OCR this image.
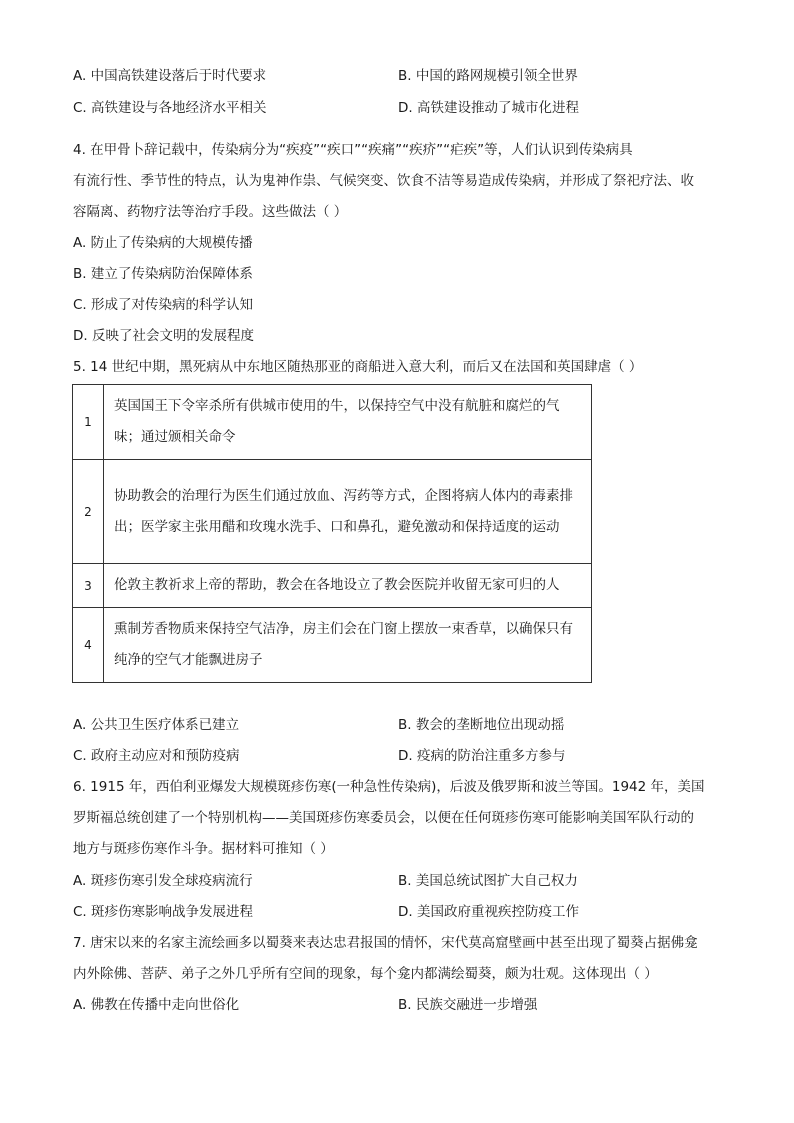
A. 中国高铁建设落后于时代要求	B. 中国的路网规模引领全世界
C. 高铁建设与各地经济水平相关	D. 高铁建设推动了城市化进程
4. 在甲骨卜辞记载中，传染病分为“疾疫”“疾口”“疾痛”“疾疥”“疟疾”等，人们认识到传染病具
有流行性、季节性的特点，认为鬼神作祟、气候突变、饮食不洁等易造成传染病，并形成了祭祀疗法、收
容隔离、药物疗法等治疗手段。这些做法（ ）
A. 防止了传染病的大规模传播
B. 建立了传染病防治保障体系
C. 形成了对传染病的科学认知
D. 反映了社会文明的发展程度
5. 14 世纪中期，黑死病从中东地区随热那亚的商船进入意大利，而后又在法国和英国肆虐（ ）
1	英国国王下令宰杀所有供城市使用的牛，以保持空气中没有航脏和腐烂的气味；通过颁相关命令
2	协助教会的治理行为医生们通过放血、泻药等方式，企图将病人体内的毒素排出；医学家主张用醋和玫瑰水洗手、口和鼻孔，避免激动和保持适度的运动
3	伦敦主教祈求上帝的帮助，教会在各地设立了教会医院并收留无家可归的人
4	熏制芳香物质来保持空气洁净，房主们会在门窗上摆放一束香草，以确保只有纯净的空气才能飘进房子
A. 公共卫生医疗体系已建立	B. 教会的垄断地位出现动摇
C. 政府主动应对和预防疫病	D. 疫病的防治注重多方参与
6. 1915 年，西伯利亚爆发大规模斑疹伤寒(一种急性传染病)，后波及俄罗斯和波兰等国。1942 年，美国
罗斯福总统创建了一个特别机构——美国斑疹伤寒委员会，以便在任何斑疹伤寒可能影响美国军队行动的
地方与斑疹伤寒作斗争。据材料可推知（ ）
A. 斑疹伤寒引发全球疫病流行	B. 美国总统试图扩大自己权力
C. 斑疹伤寒影响战争发展进程	D. 美国政府重视疾控防疫工作
7. 唐宋以来的名家主流绘画多以蜀葵来表达忠君报国的情怀，宋代莫高窟壁画中甚至出现了蜀葵占据佛龛
内外除佛、菩萨、弟子之外几乎所有空间的现象，每个龛内都满绘蜀葵，颇为壮观。这体现出（ ）
A. 佛教在传播中走向世俗化	B. 民族交融进一步增强
